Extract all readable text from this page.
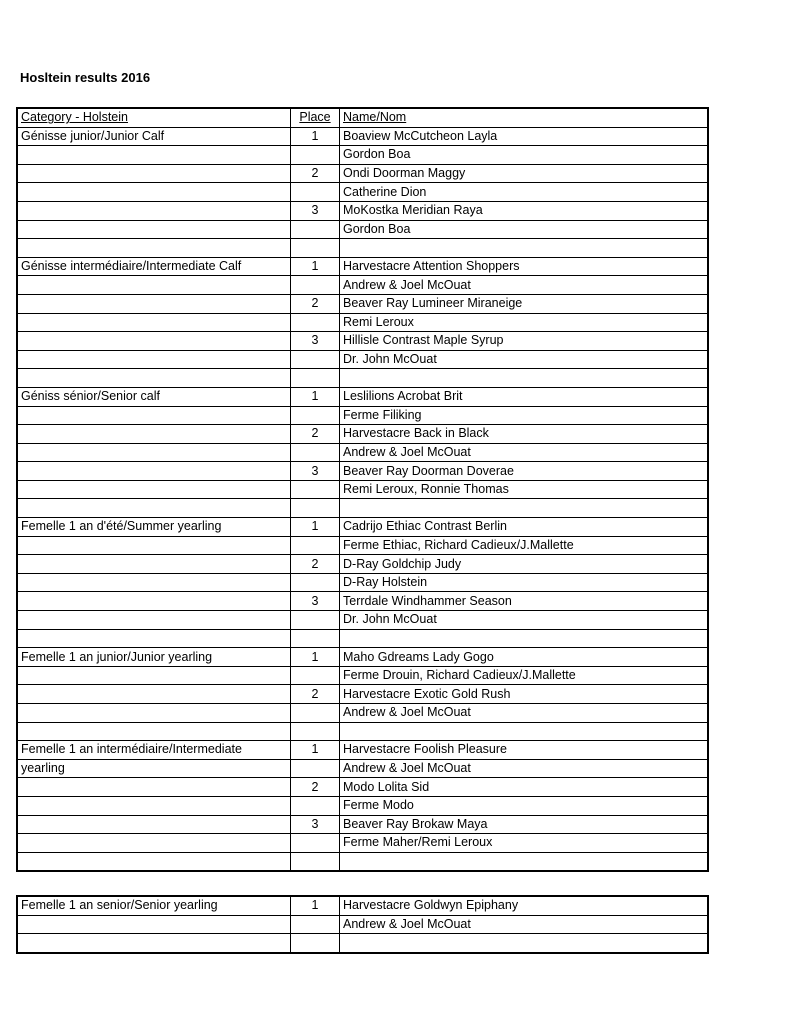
Hosltein results 2016
Category - Holstein	Place	Name/Nom
Génisse junior/Junior Calf	1	Boaview McCutcheon Layla
		Gordon Boa
	2	Ondi Doorman Maggy
		Catherine Dion
	3	MoKostka Meridian Raya
		Gordon Boa

Génisse intermédiaire/Intermediate Calf	1	Harvestacre Attention Shoppers
		Andrew & Joel McOuat
	2	Beaver Ray Lumineer Miraneige
		Remi Leroux
	3	Hillisle Contrast Maple Syrup
		Dr. John McOuat

Géniss sénior/Senior calf	1	Leslilions Acrobat Brit
		Ferme Filiking
	2	Harvestacre Back in Black
		Andrew & Joel McOuat
	3	Beaver Ray Doorman Doverae
		Remi Leroux, Ronnie Thomas

Femelle 1 an d'été/Summer yearling	1	Cadrijo Ethiac Contrast Berlin
		Ferme Ethiac, Richard Cadieux/J.Mallette
	2	D-Ray Goldchip Judy
		D-Ray Holstein
	3	Terrdale Windhammer Season
		Dr. John McOuat

Femelle 1 an junior/Junior yearling	1	Maho Gdreams Lady Gogo
		Ferme Drouin, Richard Cadieux/J.Mallette
	2	Harvestacre Exotic Gold Rush
		Andrew & Joel McOuat

Femelle 1 an intermédiaire/Intermediate	1	Harvestacre Foolish Pleasure
yearling		Andrew & Joel McOuat
	2	Modo Lolita Sid
		Ferme Modo
	3	Beaver Ray Brokaw Maya
		Ferme Maher/Remi Leroux

Femelle 1 an senior/Senior yearling	1	Harvestacre Goldwyn Epiphany
		Andrew & Joel McOuat
